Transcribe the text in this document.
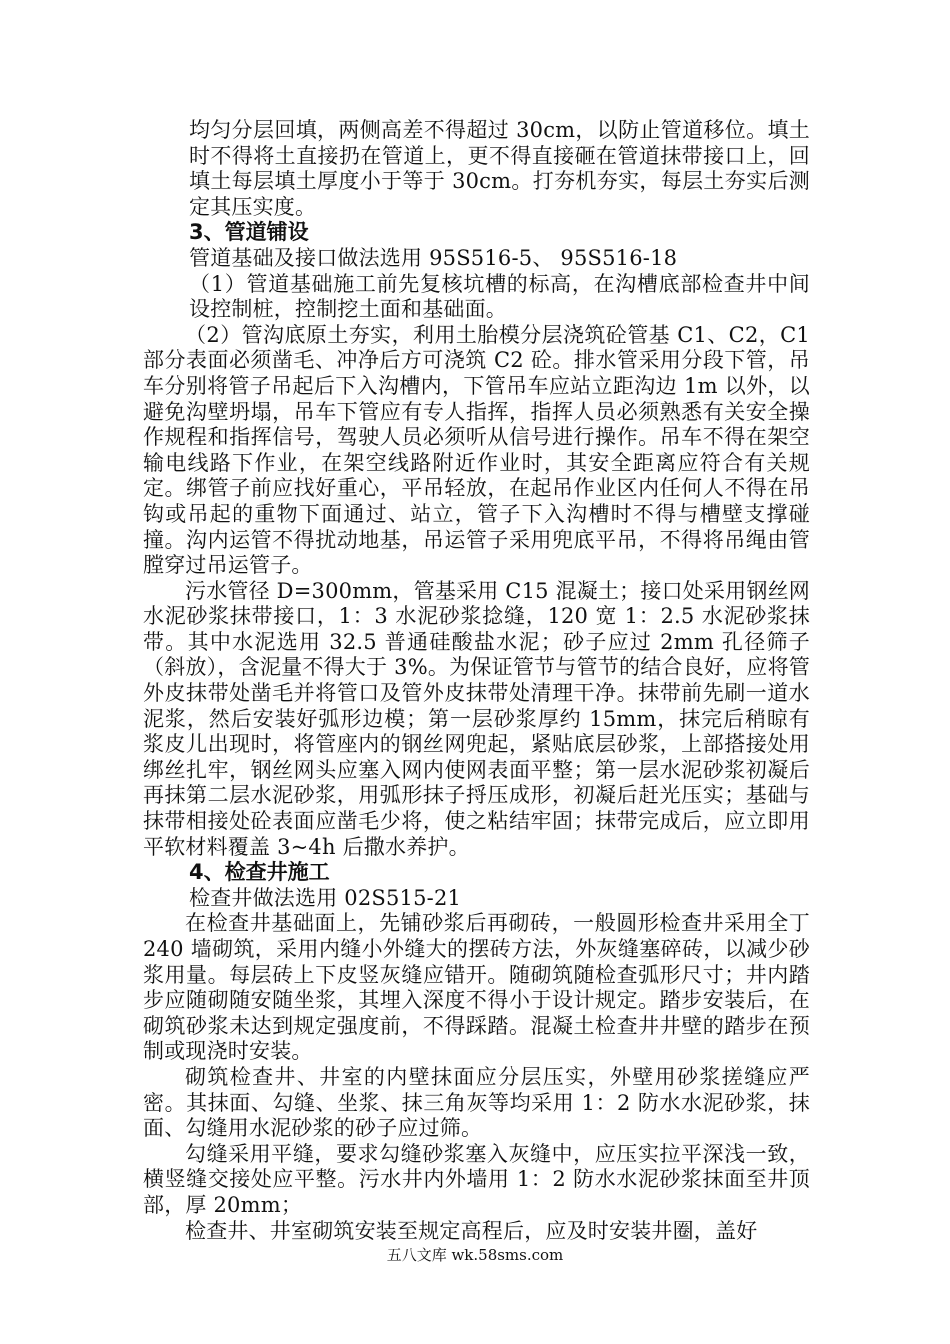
均匀分层回填，两侧高差不得超过 30cm，以防止管道移位。填土时不得将土直接扔在管道上，更不得直接砸在管道抹带接口上，回填土每层填土厚度小于等于 30cm。打夯机夯实，每层土夯实后测定其压实度。

3、管道铺设

管道基础及接口做法选用 95S516-5、 95S516-18

（1）管道基础施工前先复核坑槽的标高，在沟槽底部检查井中间设控制桩，控制挖土面和基础面。

（2）管沟底原土夯实，利用土胎模分层浇筑砼管基 C1、C2，C1 部分表面必须凿毛、冲净后方可浇筑 C2 砼。排水管采用分段下管，吊车分别将管子吊起后下入沟槽内，下管吊车应站立距沟边 1m 以外，以避免沟壁坍塌，吊车下管应有专人指挥，指挥人员必须熟悉有关安全操作规程和指挥信号，驾驶人员必须听从信号进行操作。吊车不得在架空输电线路下作业，在架空线路附近作业时，其安全距离应符合有关规定。绑管子前应找好重心，平吊轻放，在起吊作业区内任何人不得在吊钩或吊起的重物下面通过、站立，管子下入沟槽时不得与槽壁支撑碰撞。沟内运管不得扰动地基，吊运管子采用兜底平吊，不得将吊绳由管膛穿过吊运管子。

污水管径 D=300mm，管基采用 C15 混凝土；接口处采用钢丝网水泥砂浆抹带接口，1：3 水泥砂浆捻缝，120 宽 1：2.5 水泥砂浆抹带。其中水泥选用 32.5 普通硅酸盐水泥；砂子应过 2mm 孔径筛子（斜放），含泥量不得大于 3%。为保证管节与管节的结合良好，应将管外皮抹带处凿毛并将管口及管外皮抹带处清理干净。抹带前先刷一道水泥浆，然后安装好弧形边模；第一层砂浆厚约 15mm，抹完后稍晾有浆皮儿出现时，将管座内的钢丝网兜起，紧贴底层砂浆，上部搭接处用绑丝扎牢，钢丝网头应塞入网内使网表面平整；第一层水泥砂浆初凝后再抹第二层水泥砂浆，用弧形抹子捋压成形，初凝后赶光压实；基础与抹带相接处砼表面应凿毛少将，使之粘结牢固；抹带完成后，应立即用平软材料覆盖 3~4h 后撒水养护。

4、检查井施工

检查井做法选用 02S515-21

在检查井基础面上，先铺砂浆后再砌砖，一般圆形检查井采用全丁 240 墙砌筑，采用内缝小外缝大的摆砖方法，外灰缝塞碎砖，以减少砂浆用量。每层砖上下皮竖灰缝应错开。随砌筑随检查弧形尺寸；井内踏步应随砌随安随坐浆，其埋入深度不得小于设计规定。踏步安装后，在砌筑砂浆未达到规定强度前，不得踩踏。混凝土检查井井壁的踏步在预制或现浇时安装。

砌筑检查井、井室的内壁抹面应分层压实，外壁用砂浆搓缝应严密。其抹面、勾缝、坐浆、抹三角灰等均采用 1：2 防水水泥砂浆，抹面、勾缝用水泥砂浆的砂子应过筛。

勾缝采用平缝，要求勾缝砂浆塞入灰缝中，应压实拉平深浅一致，横竖缝交接处应平整。污水井内外墙用 1：2 防水水泥砂浆抹面至井顶部，厚 20mm；

检查井、井室砌筑安装至规定高程后，应及时安装井圈，盖好

五八文库 wk.58sms.com
